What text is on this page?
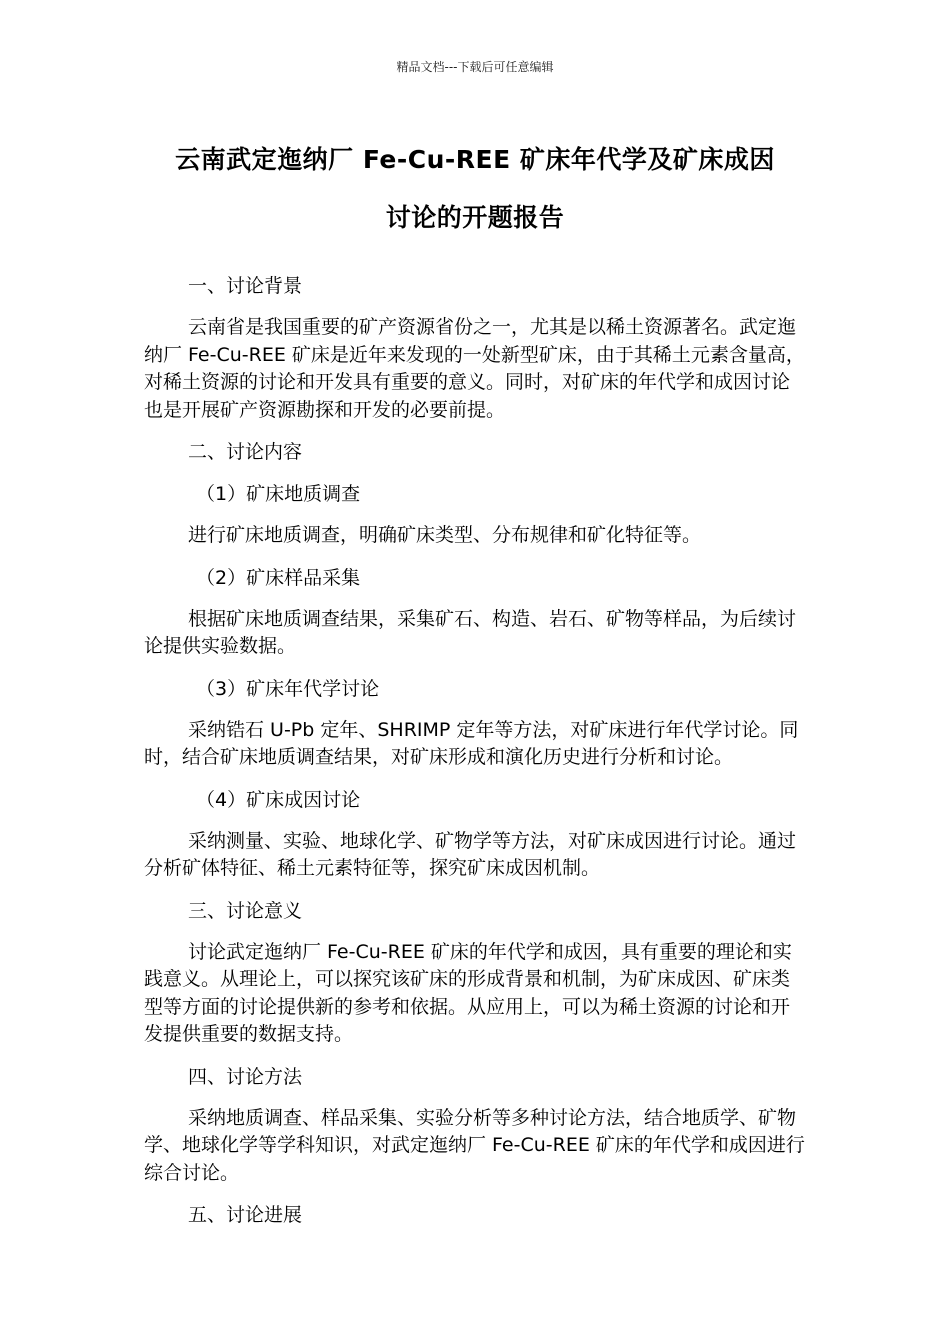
精品文档---下载后可任意编辑
云南武定迤纳厂 Fe-Cu-REE 矿床年代学及矿床成因
讨论的开题报告
一、讨论背景
云南省是我国重要的矿产资源省份之一，尤其是以稀土资源著名。武定迤纳厂 Fe-Cu-REE 矿床是近年来发现的一处新型矿床，由于其稀土元素含量高，对稀土资源的讨论和开发具有重要的意义。同时，对矿床的年代学和成因讨论也是开展矿产资源勘探和开发的必要前提。
二、讨论内容
（1）矿床地质调查
进行矿床地质调查，明确矿床类型、分布规律和矿化特征等。
（2）矿床样品采集
根据矿床地质调查结果，采集矿石、构造、岩石、矿物等样品，为后续讨论提供实验数据。
（3）矿床年代学讨论
采纳锆石 U-Pb 定年、SHRIMP 定年等方法，对矿床进行年代学讨论。同时，结合矿床地质调查结果，对矿床形成和演化历史进行分析和讨论。
（4）矿床成因讨论
采纳测量、实验、地球化学、矿物学等方法，对矿床成因进行讨论。通过分析矿体特征、稀土元素特征等，探究矿床成因机制。
三、讨论意义
讨论武定迤纳厂 Fe-Cu-REE 矿床的年代学和成因，具有重要的理论和实践意义。从理论上，可以探究该矿床的形成背景和机制，为矿床成因、矿床类型等方面的讨论提供新的参考和依据。从应用上，可以为稀土资源的讨论和开发提供重要的数据支持。
四、讨论方法
采纳地质调查、样品采集、实验分析等多种讨论方法，结合地质学、矿物学、地球化学等学科知识，对武定迤纳厂 Fe-Cu-REE 矿床的年代学和成因进行综合讨论。
五、讨论进展
